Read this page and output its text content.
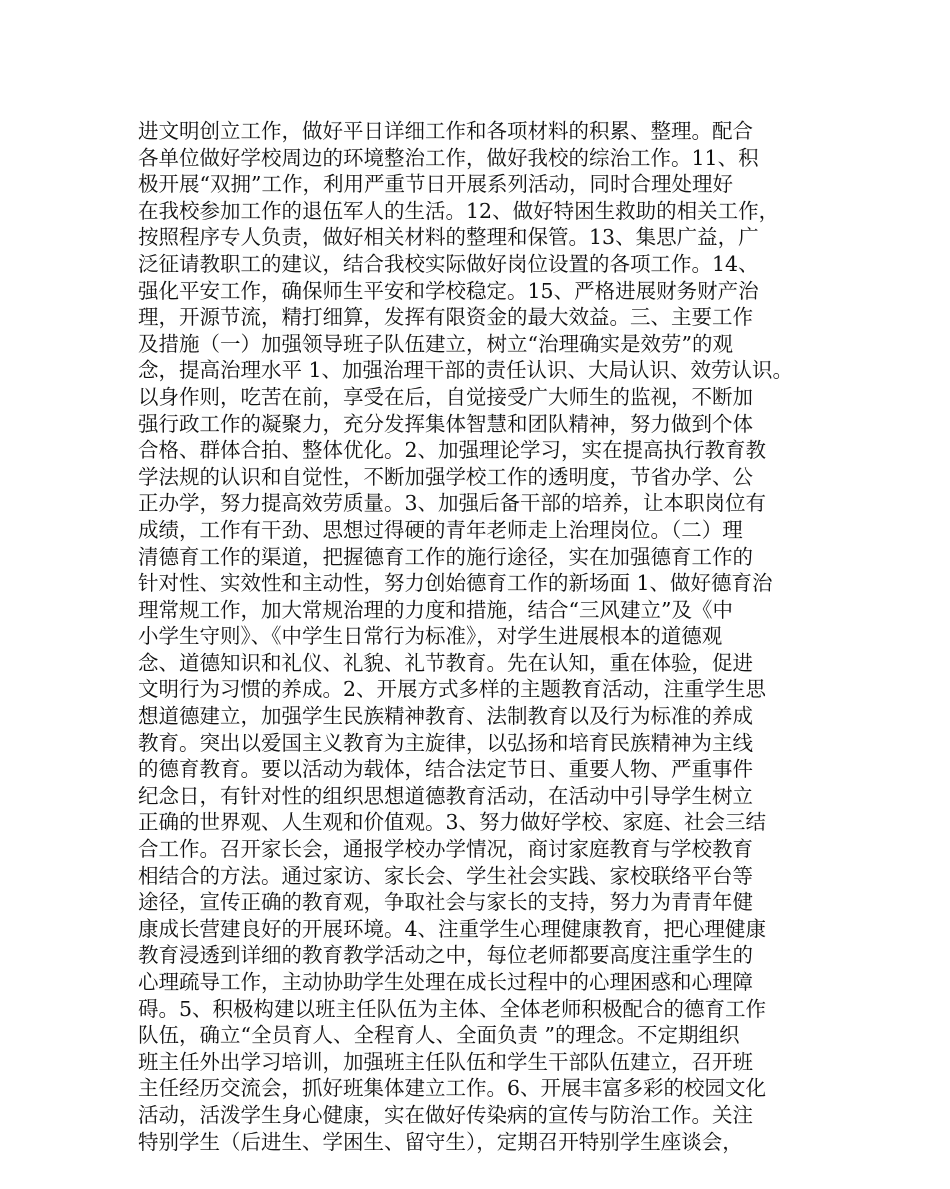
进文明创立工作，做好平日详细工作和各项材料的积累、整理。配合
各单位做好学校周边的环境整治工作，做好我校的综治工作。11、积
极开展“双拥”工作，利用严重节日开展系列活动，同时合理处理好
在我校参加工作的退伍军人的生活。12、做好特困生救助的相关工作，
按照程序专人负责，做好相关材料的整理和保管。13、集思广益，广
泛征请教职工的建议，结合我校实际做好岗位设置的各项工作。14、
强化平安工作，确保师生平安和学校稳定。15、严格进展财务财产治
理，开源节流，精打细算，发挥有限资金的最大效益。三、主要工作
及措施（一）加强领导班子队伍建立，树立“治理确实是效劳”的观
念，提高治理水平 1、加强治理干部的责任认识、大局认识、效劳认识。
以身作则，吃苦在前，享受在后，自觉接受广大师生的监视，不断加
强行政工作的凝聚力，充分发挥集体智慧和团队精神，努力做到个体
合格、群体合拍、整体优化。2、加强理论学习，实在提高执行教育教
学法规的认识和自觉性，不断加强学校工作的透明度，节省办学、公
正办学，努力提高效劳质量。3、加强后备干部的培养，让本职岗位有
成绩，工作有干劲、思想过得硬的青年老师走上治理岗位。（二）理
清德育工作的渠道，把握德育工作的施行途径，实在加强德育工作的
针对性、实效性和主动性，努力创始德育工作的新场面 1、做好德育治
理常规工作，加大常规治理的力度和措施，结合“三风建立”及《中
小学生守则》、《中学生日常行为标准》，对学生进展根本的道德观
念、道德知识和礼仪、礼貌、礼节教育。先在认知，重在体验，促进
文明行为习惯的养成。2、开展方式多样的主题教育活动，注重学生思
想道德建立，加强学生民族精神教育、法制教育以及行为标准的养成
教育。突出以爱国主义教育为主旋律，以弘扬和培育民族精神为主线
的德育教育。要以活动为载体，结合法定节日、重要人物、严重事件
纪念日，有针对性的组织思想道德教育活动，在活动中引导学生树立
正确的世界观、人生观和价值观。3、努力做好学校、家庭、社会三结
合工作。召开家长会，通报学校办学情况，商讨家庭教育与学校教育
相结合的方法。通过家访、家长会、学生社会实践、家校联络平台等
途径，宣传正确的教育观，争取社会与家长的支持，努力为青青年健
康成长营建良好的开展环境。4、注重学生心理健康教育，把心理健康
教育浸透到详细的教育教学活动之中，每位老师都要高度注重学生的
心理疏导工作，主动协助学生处理在成长过程中的心理困惑和心理障
碍。5、积极构建以班主任队伍为主体、全体老师积极配合的德育工作
队伍，确立“全员育人、全程育人、全面负责 ”的理念。不定期组织
班主任外出学习培训，加强班主任队伍和学生干部队伍建立，召开班
主任经历交流会，抓好班集体建立工作。6、开展丰富多彩的校园文化
活动，活泼学生身心健康，实在做好传染病的宣传与防治工作。关注
特别学生（后进生、学困生、留守生），定期召开特别学生座谈会，
